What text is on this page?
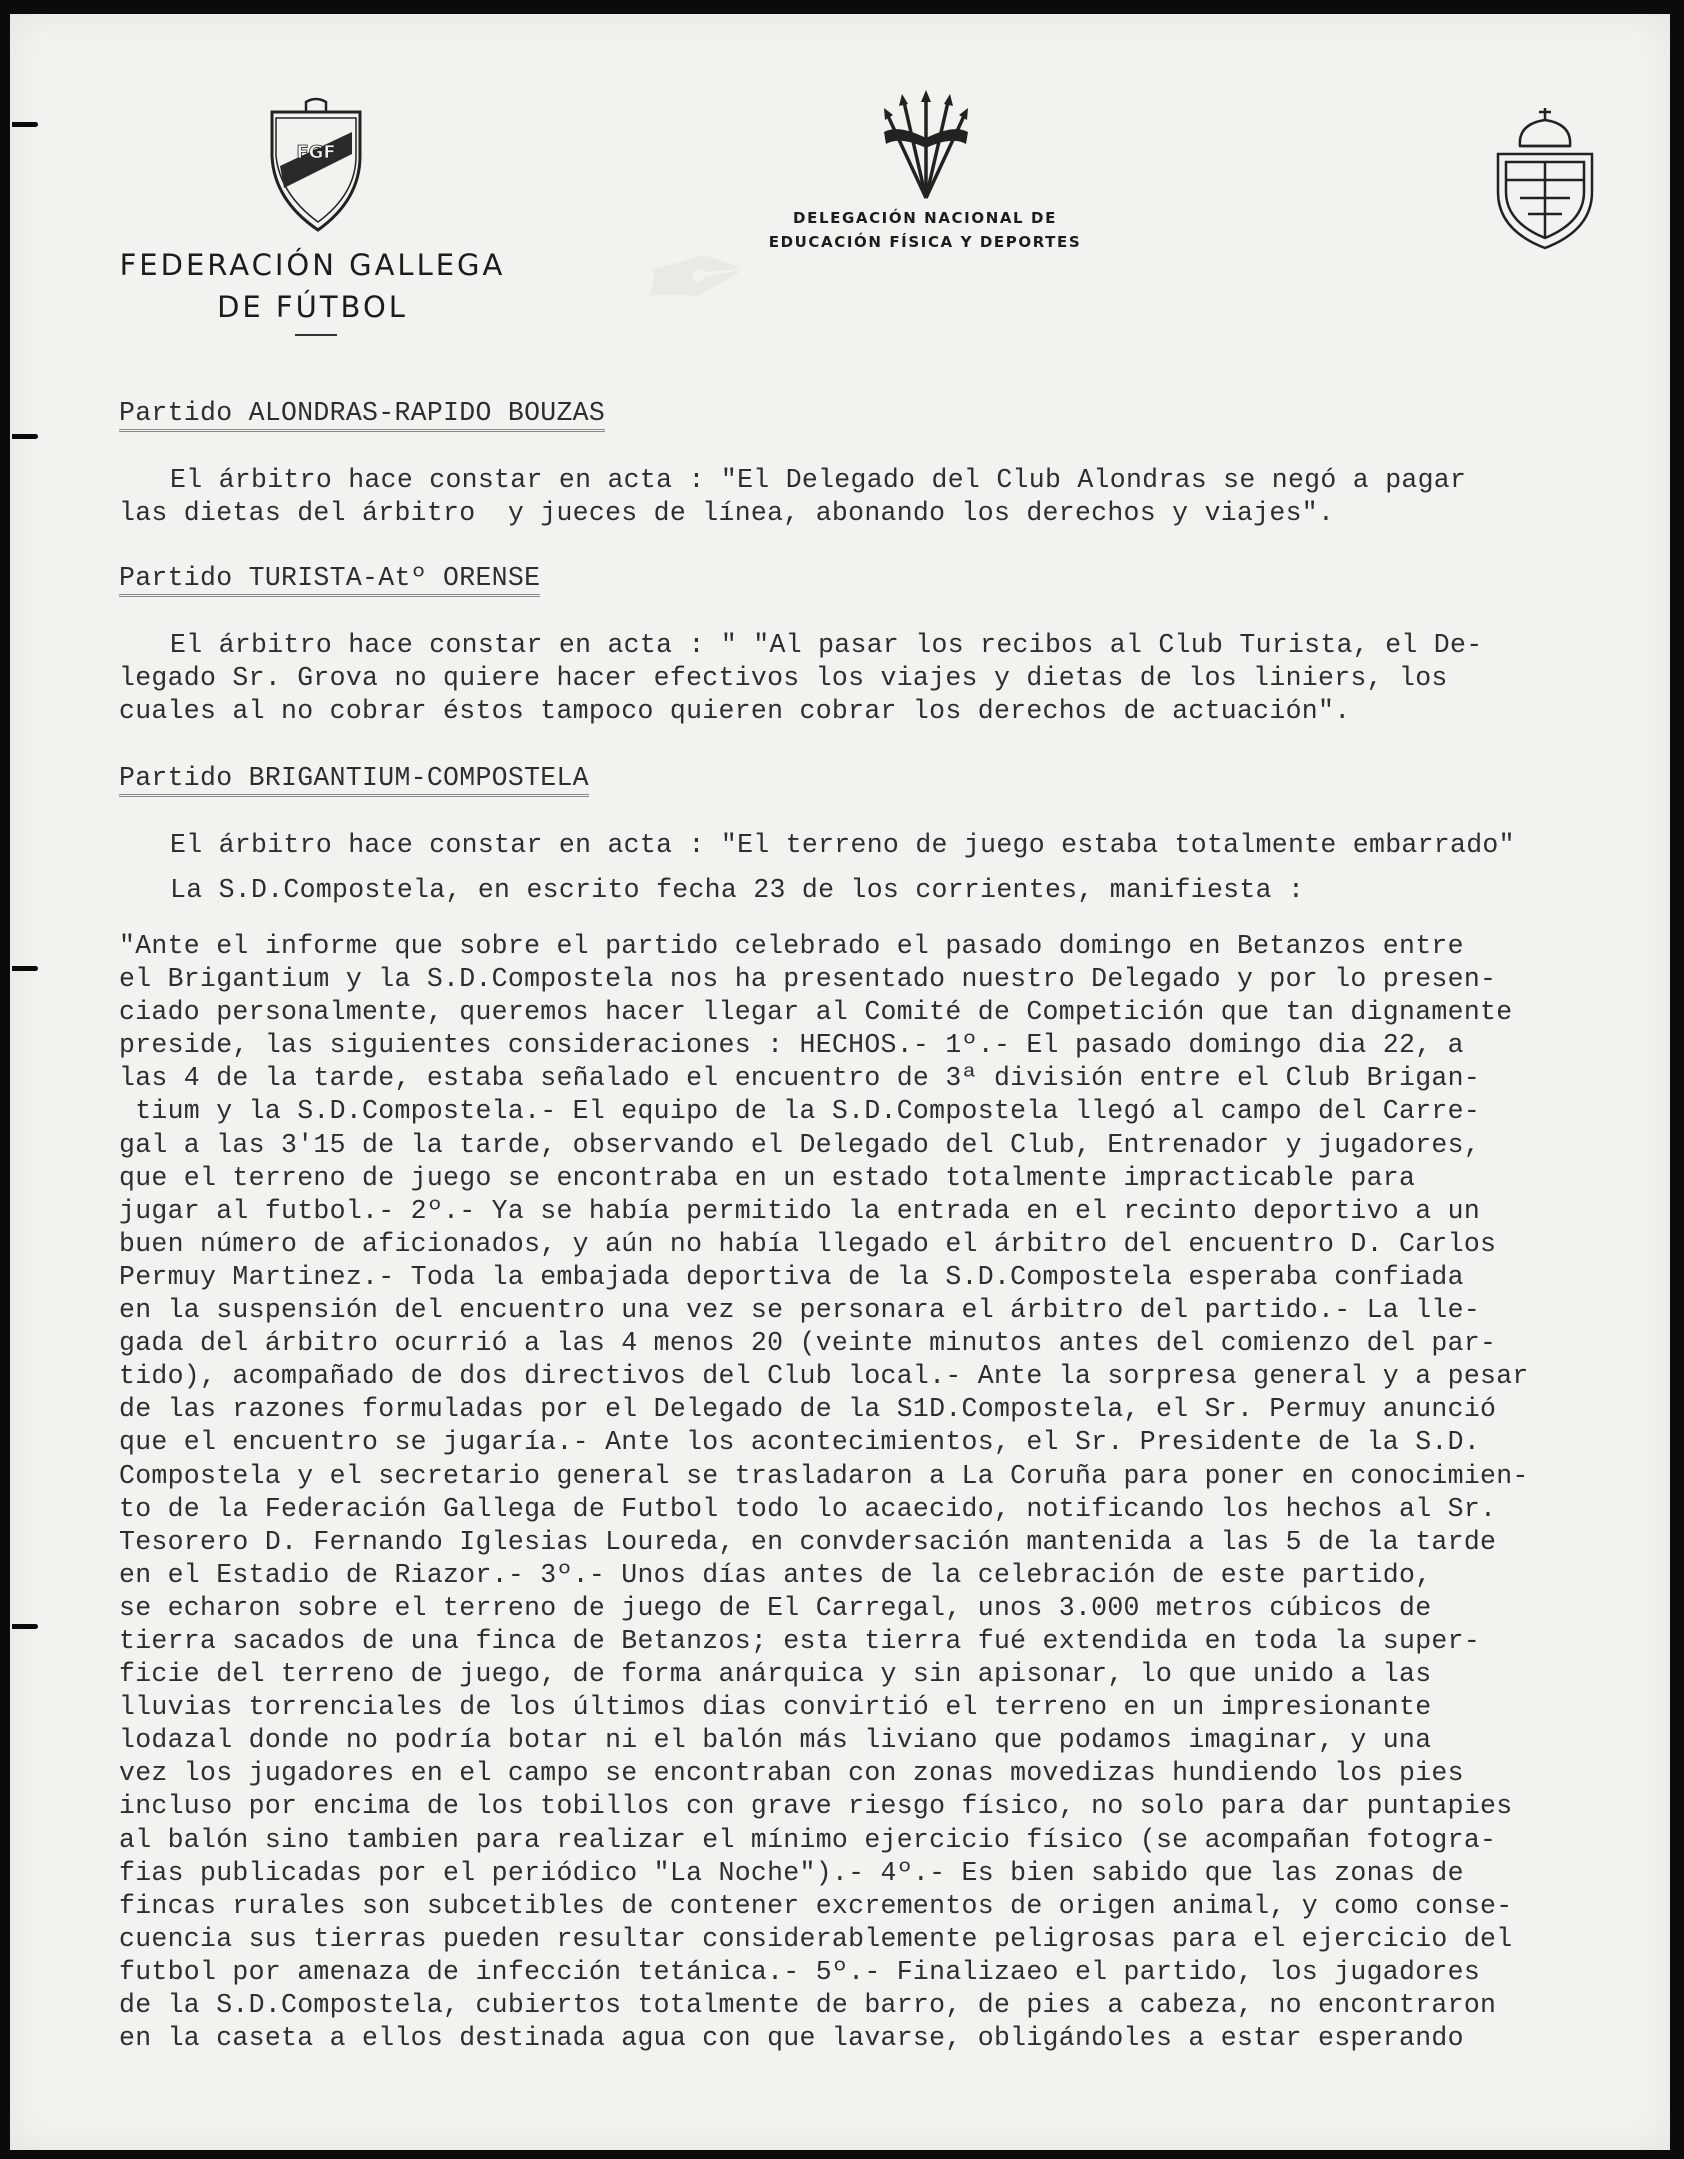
FGF
FEDERACIÓN GALLEGA
DE FÚTBOL
DELEGACIÓN NACIONAL DE
EDUCACIÓN FÍSICA Y DEPORTES
Partido ALONDRAS-RAPIDO BOUZAS
El árbitro hace constar en acta : "El Delegado del Club Alondras se negó a pagar
las dietas del árbitro  y jueces de línea, abonando los derechos y viajes".
Partido TURISTA-Atº ORENSE
El árbitro hace constar en acta : " "Al pasar los recibos al Club Turista, el De-
legado Sr. Grova no quiere hacer efectivos los viajes y dietas de los liniers, los
cuales al no cobrar éstos tampoco quieren cobrar los derechos de actuación".
Partido BRIGANTIUM-COMPOSTELA
El árbitro hace constar en acta : "El terreno de juego estaba totalmente embarrado"
La S.D.Compostela, en escrito fecha 23 de los corrientes, manifiesta :
"Ante el informe que sobre el partido celebrado el pasado domingo en Betanzos entre
el Brigantium y la S.D.Compostela nos ha presentado nuestro Delegado y por lo presen-
ciado personalmente, queremos hacer llegar al Comité de Competición que tan dignamente
preside, las siguientes consideraciones : HECHOS.- 1º.- El pasado domingo dia 22, a
las 4 de la tarde, estaba señalado el encuentro de 3ª división entre el Club Brigan-
tium y la S.D.Compostela.- El equipo de la S.D.Compostela llegó al campo del Carre-
gal a las 3'15 de la tarde, observando el Delegado del Club, Entrenador y jugadores,
que el terreno de juego se encontraba en un estado totalmente impracticable para
jugar al futbol.- 2º.- Ya se había permitido la entrada en el recinto deportivo a un
buen número de aficionados, y aún no había llegado el árbitro del encuentro D. Carlos
Permuy Martinez.- Toda la embajada deportiva de la S.D.Compostela esperaba confiada
en la suspensión del encuentro una vez se personara el árbitro del partido.- La lle-
gada del árbitro ocurrió a las 4 menos 20 (veinte minutos antes del comienzo del par-
tido), acompañado de dos directivos del Club local.- Ante la sorpresa general y a pesar
de las razones formuladas por el Delegado de la S1D.Compostela, el Sr. Permuy anunció
que el encuentro se jugaría.- Ante los acontecimientos, el Sr. Presidente de la S.D.
Compostela y el secretario general se trasladaron a La Coruña para poner en conocimien-
to de la Federación Gallega de Futbol todo lo acaecido, notificando los hechos al Sr.
Tesorero D. Fernando Iglesias Loureda, en convdersación mantenida a las 5 de la tarde
en el Estadio de Riazor.- 3º.- Unos días antes de la celebración de este partido,
se echaron sobre el terreno de juego de El Carregal, unos 3.000 metros cúbicos de
tierra sacados de una finca de Betanzos; esta tierra fué extendida en toda la super-
ficie del terreno de juego, de forma anárquica y sin apisonar, lo que unido a las
lluvias torrenciales de los últimos dias convirtió el terreno en un impresionante
lodazal donde no podría botar ni el balón más liviano que podamos imaginar, y una
vez los jugadores en el campo se encontraban con zonas movedizas hundiendo los pies
incluso por encima de los tobillos con grave riesgo físico, no solo para dar puntapies
al balón sino tambien para realizar el mínimo ejercicio físico (se acompañan fotogra-
fias publicadas por el periódico "La Noche").- 4º.- Es bien sabido que las zonas de
fincas rurales son subcetibles de contener excrementos de origen animal, y como conse-
cuencia sus tierras pueden resultar considerablemente peligrosas para el ejercicio del
futbol por amenaza de infección tetánica.- 5º.- Finalizaeo el partido, los jugadores
de la S.D.Compostela, cubiertos totalmente de barro, de pies a cabeza, no encontraron
en la caseta a ellos destinada agua con que lavarse, obligándoles a estar esperando
